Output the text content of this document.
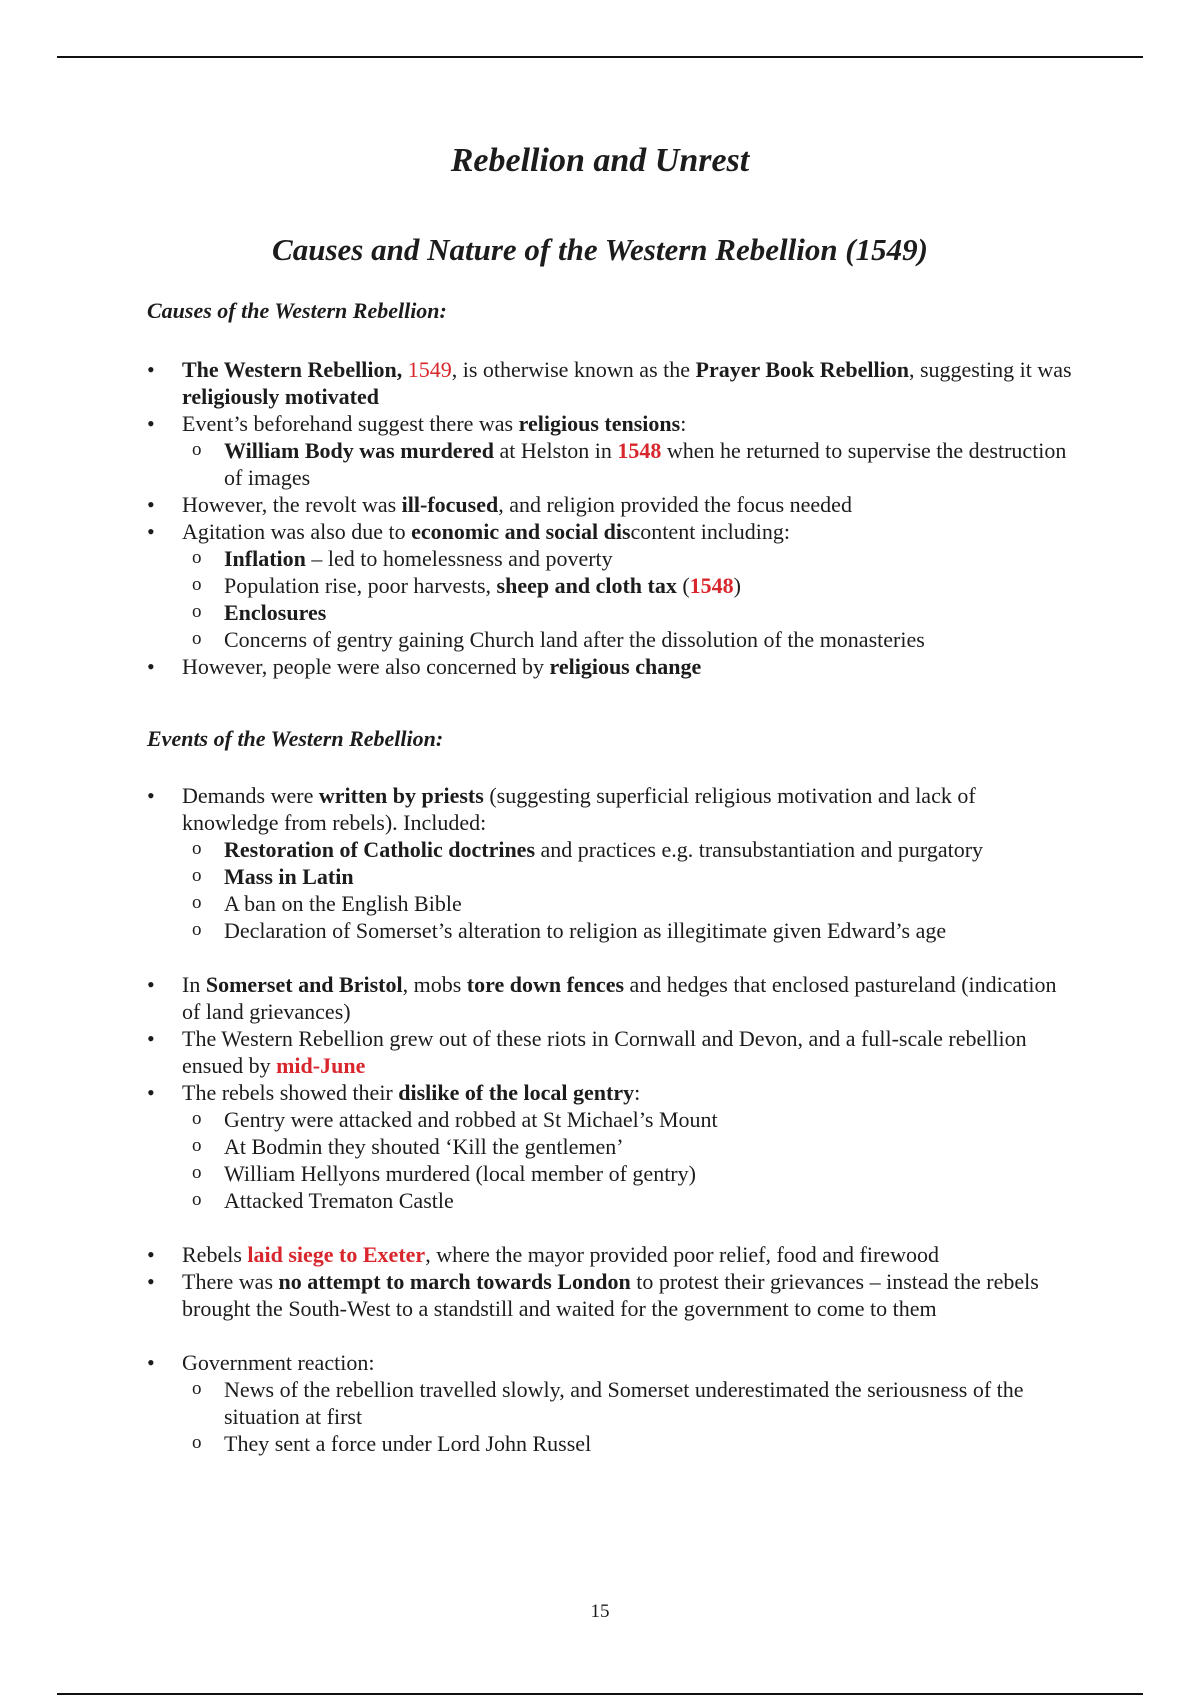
Rebellion and Unrest
Causes and Nature of the Western Rebellion (1549)

Causes of the Western Rebellion:

• The Western Rebellion, 1549, is otherwise known as the Prayer Book Rebellion, suggesting it was religiously motivated
• Event’s beforehand suggest there was religious tensions:
o William Body was murdered at Helston in 1548 when he returned to supervise the destruction of images
• However, the revolt was ill-focused, and religion provided the focus needed
• Agitation was also due to economic and social discontent including:
o Inflation – led to homelessness and poverty
o Population rise, poor harvests, sheep and cloth tax (1548)
o Enclosures
o Concerns of gentry gaining Church land after the dissolution of the monasteries
• However, people were also concerned by religious change

Events of the Western Rebellion:

• Demands were written by priests (suggesting superficial religious motivation and lack of knowledge from rebels). Included:
o Restoration of Catholic doctrines and practices e.g. transubstantiation and purgatory
o Mass in Latin
o A ban on the English Bible
o Declaration of Somerset’s alteration to religion as illegitimate given Edward’s age
• In Somerset and Bristol, mobs tore down fences and hedges that enclosed pastureland (indication of land grievances)
• The Western Rebellion grew out of these riots in Cornwall and Devon, and a full-scale rebellion ensued by mid-June
• The rebels showed their dislike of the local gentry:
o Gentry were attacked and robbed at St Michael’s Mount
o At Bodmin they shouted ‘Kill the gentlemen’
o William Hellyons murdered (local member of gentry)
o Attacked Trematon Castle
• Rebels laid siege to Exeter, where the mayor provided poor relief, food and firewood
• There was no attempt to march towards London to protest their grievances – instead the rebels brought the South-West to a standstill and waited for the government to come to them
• Government reaction:
o News of the rebellion travelled slowly, and Somerset underestimated the seriousness of the situation at first
o They sent a force under Lord John Russel
15
